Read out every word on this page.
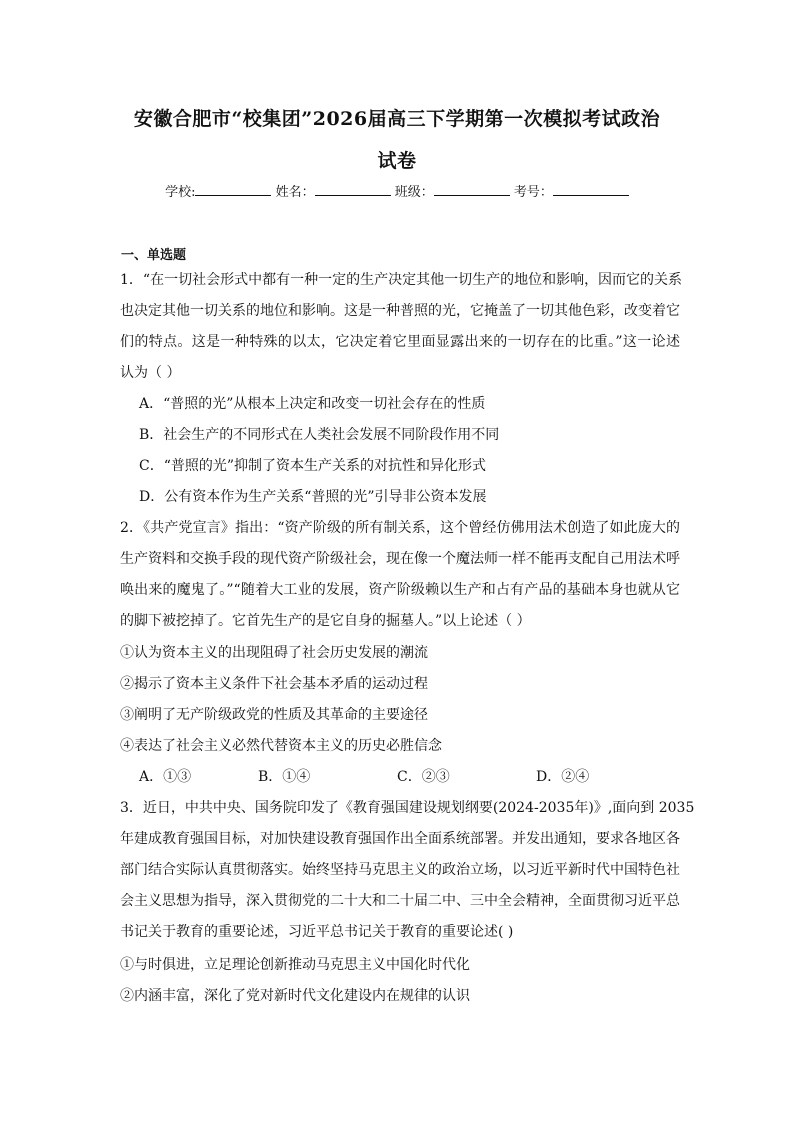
安徽合肥市“校集团”2026届高三下学期第一次模拟考试政治
试卷
学校:	姓名：	班级：	考号：
一、单选题
1．“在一切社会形式中都有一种一定的生产决定其他一切生产的地位和影响，因而它的关系
也决定其他一切关系的地位和影响。这是一种普照的光，它掩盖了一切其他色彩，改变着它
们的特点。这是一种特殊的以太，它决定着它里面显露出来的一切存在的比重。”这一论述
认为（ ）
A．“普照的光”从根本上决定和改变一切社会存在的性质
B．社会生产的不同形式在人类社会发展不同阶段作用不同
C．“普照的光”抑制了资本生产关系的对抗性和异化形式
D．公有资本作为生产关系“普照的光”引导非公资本发展
2．《共产党宣言》指出：“资产阶级的所有制关系，这个曾经仿佛用法术创造了如此庞大的
生产资料和交换手段的现代资产阶级社会，现在像一个魔法师一样不能再支配自己用法术呼
唤出来的魔鬼了。”“随着大工业的发展，资产阶级赖以生产和占有产品的基础本身也就从它
的脚下被挖掉了。它首先生产的是它自身的掘墓人。”以上论述（ ）
①认为资本主义的出现阻碍了社会历史发展的潮流
②揭示了资本主义条件下社会基本矛盾的运动过程
③阐明了无产阶级政党的性质及其革命的主要途径
④表达了社会主义必然代替资本主义的历史必胜信念
A．①③	B．①④	C．②③	D．②④
3．近日，中共中央、国务院印发了《教育强国建设规划纲要(2024-2035年)》,面向到 2035
年建成教育强国目标，对加快建设教育强国作出全面系统部署。并发出通知，要求各地区各
部门结合实际认真贯彻落实。始终坚持马克思主义的政治立场，以习近平新时代中国特色社
会主义思想为指导，深入贯彻党的二十大和二十届二中、三中全会精神，全面贯彻习近平总
书记关于教育的重要论述，习近平总书记关于教育的重要论述( )
①与时俱进，立足理论创新推动马克思主义中国化时代化
②内涵丰富，深化了党对新时代文化建设内在规律的认识
